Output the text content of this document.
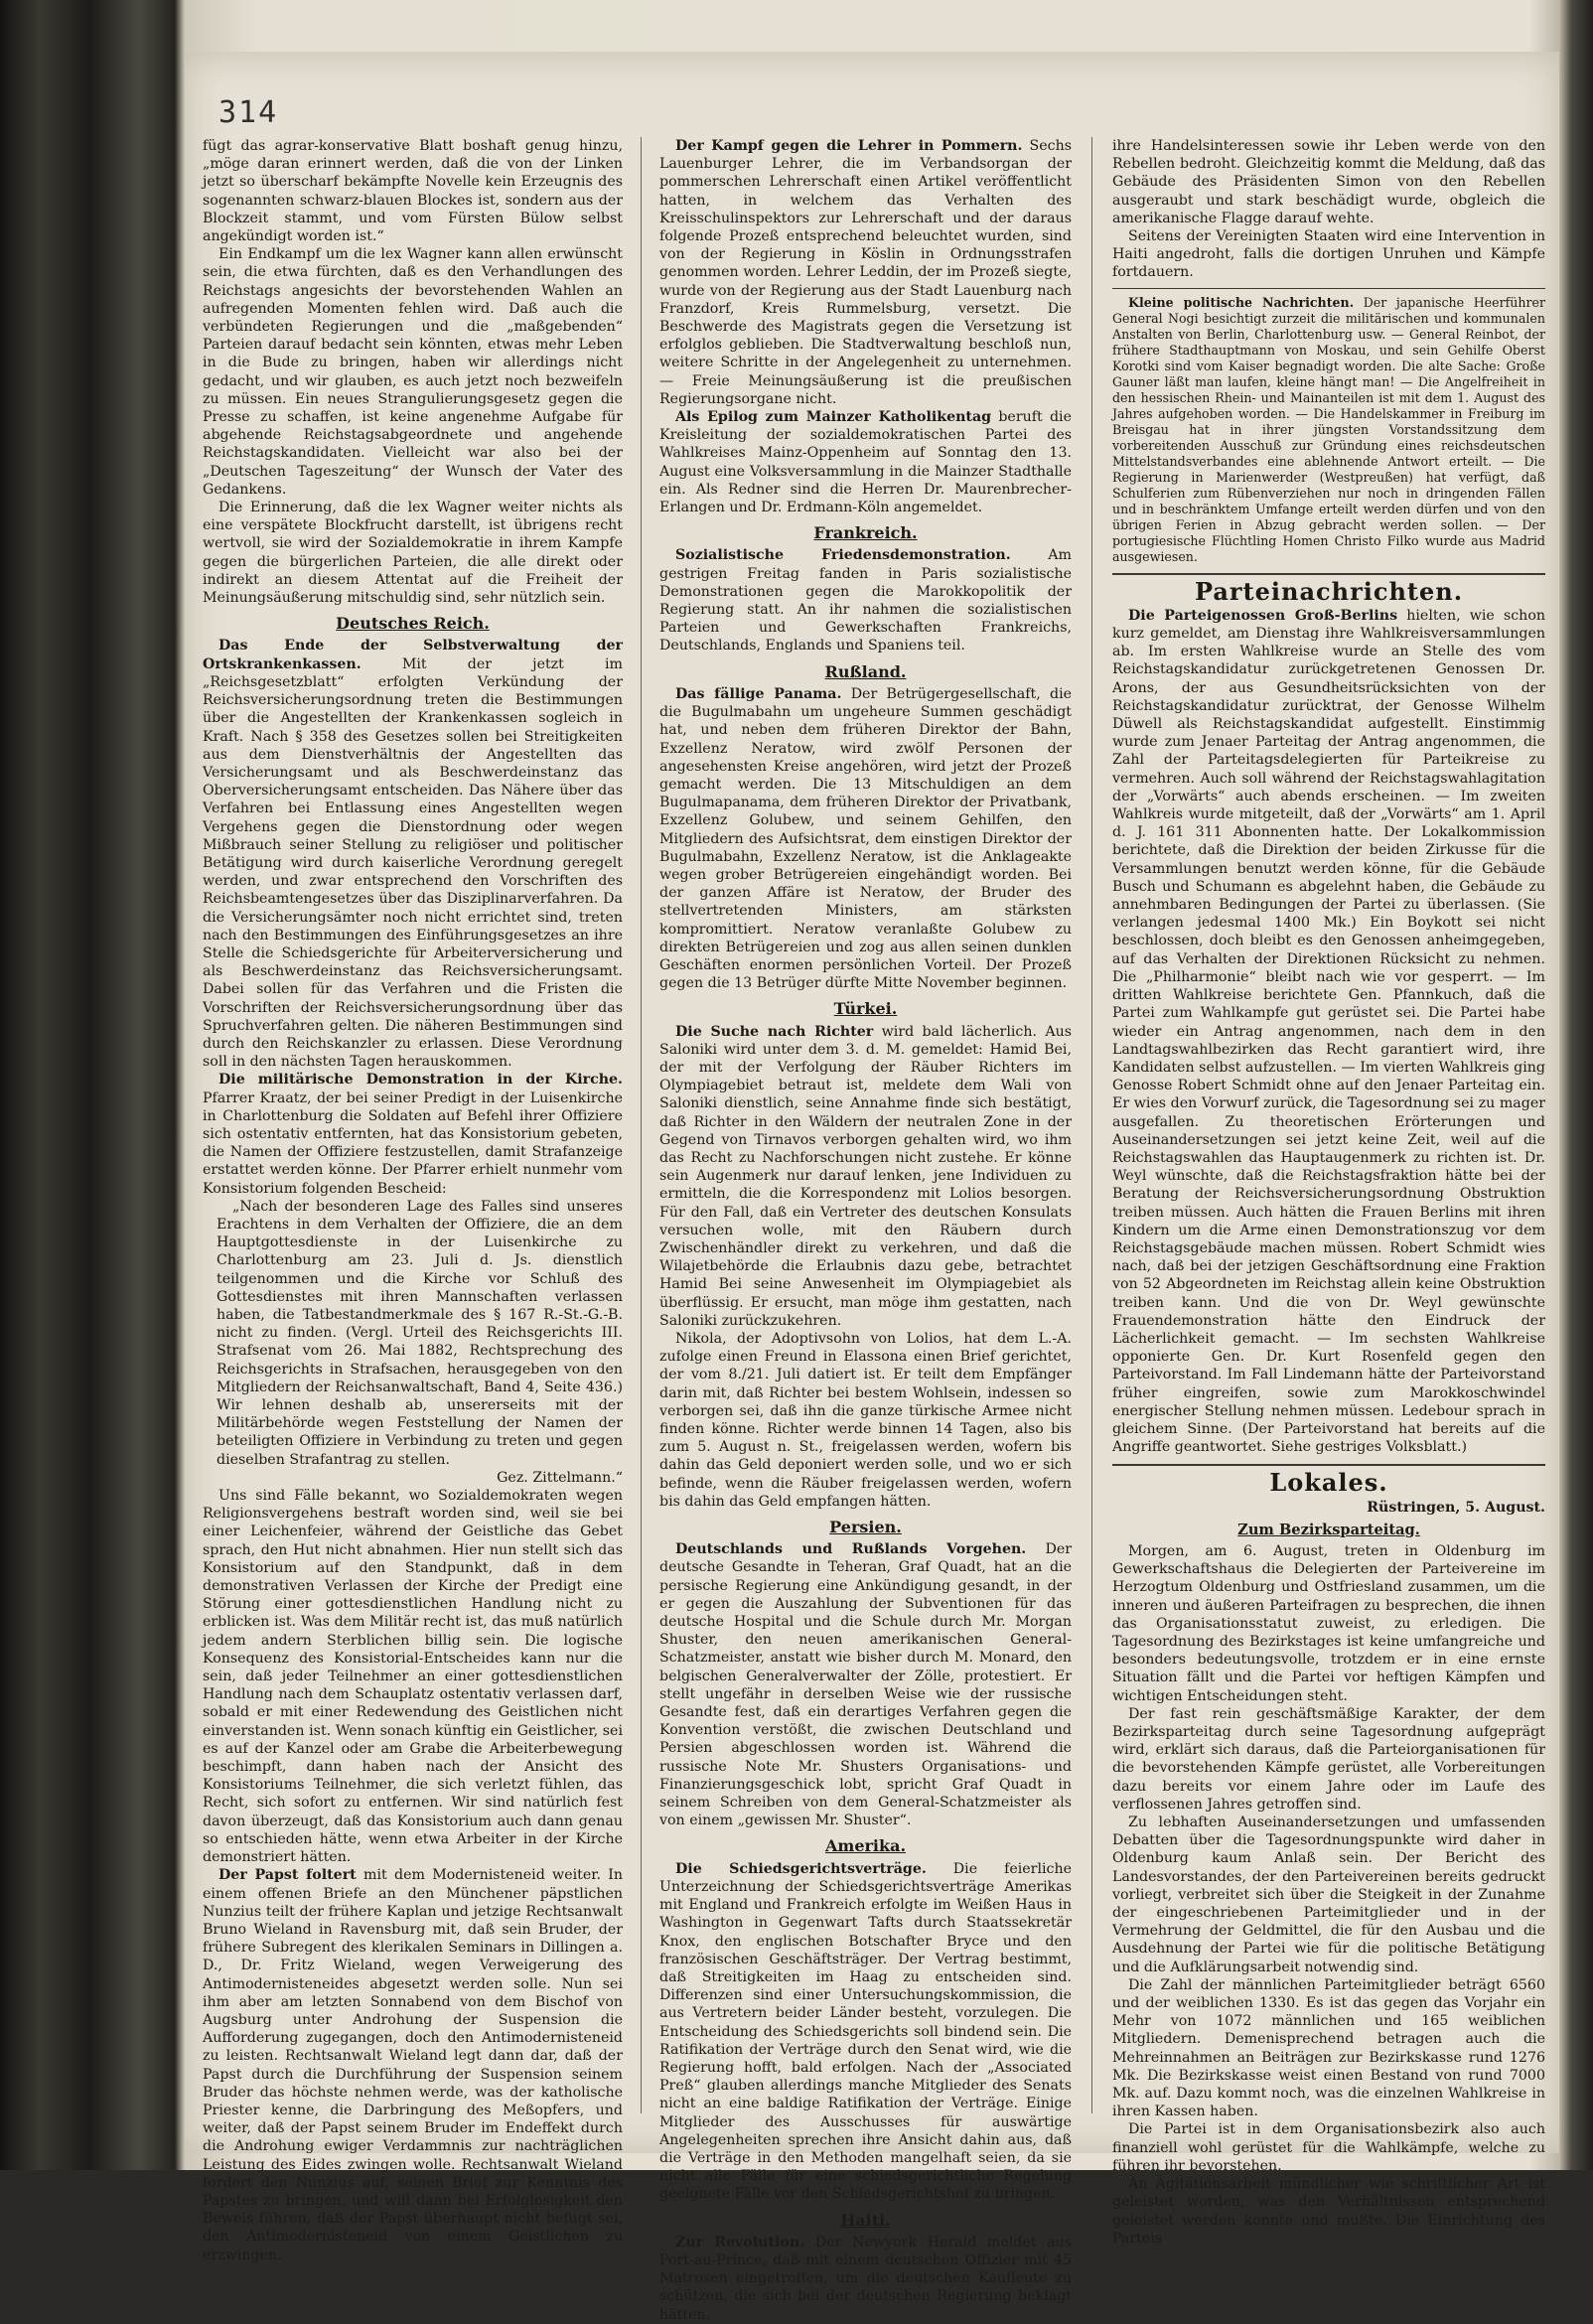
314

fügt das agrar-konservative Blatt boshaft genug hinzu, „möge daran erinnert werden, daß die von der Linken jetzt so überscharf bekämpfte Novelle kein Erzeugnis des sogenannten schwarz-blauen Blockes ist, sondern aus der Blockzeit stammt, und vom Fürsten Bülow selbst angekündigt worden ist.“

Ein Endkampf um die lex Wagner kann allen erwünscht sein, die etwa fürchten, daß es den Verhandlungen des Reichstags angesichts der bevorstehenden Wahlen an aufregenden Momenten fehlen wird. Daß auch die verbündeten Regierungen und die „maßgebenden“ Parteien darauf bedacht sein könnten, etwas mehr Leben in die Bude zu bringen, haben wir allerdings nicht gedacht, und wir glauben, es auch jetzt noch bezweifeln zu müssen. Ein neues Strangulierungsgesetz gegen die Presse zu schaffen, ist keine angenehme Aufgabe für abgehende Reichstagsabgeordnete und angehende Reichstagskandidaten. Vielleicht war also bei der „Deutschen Tageszeitung“ der Wunsch der Vater des Gedankens.

Die Erinnerung, daß die lex Wagner weiter nichts als eine verspätete Blockfrucht darstellt, ist übrigens recht wertvoll, sie wird der Sozialdemokratie in ihrem Kampfe gegen die bürgerlichen Parteien, die alle direkt oder indirekt an diesem Attentat auf die Freiheit der Meinungsäußerung mitschuldig sind, sehr nützlich sein.

Deutsches Reich.

Das Ende der Selbstverwaltung der Ortskrankenkassen.	Mit der jetzt im „Reichsgesetzblatt“ erfolgten Verkündung der Reichsversicherungsordnung treten die Bestimmungen über die Angestellten der Krankenkassen sogleich in Kraft. Nach § 358 des Gesetzes sollen bei Streitigkeiten aus dem Dienstverhältnis der Angestellten das Versicherungsamt und als Beschwerdeinstanz das Oberversicherungsamt entscheiden. Das Nähere über das Verfahren bei Entlassung eines Angestellten wegen Vergehens gegen die Dienstordnung oder wegen Mißbrauch seiner Stellung zu religiöser und politischer Betätigung wird durch kaiserliche Verordnung geregelt werden, und zwar entsprechend den Vorschriften des Reichsbeamtengesetzes über das Disziplinarverfahren. Da die Versicherungsämter noch nicht errichtet sind, treten nach den Bestimmungen des Einführungsgesetzes an ihre Stelle die Schiedsgerichte für Arbeiterversicherung und als Beschwerdeinstanz das Reichsversicherungsamt. Dabei sollen für das Verfahren und die Fristen die Vorschriften der Reichsversicherungsordnung über das Spruchverfahren gelten. Die näheren Bestimmungen sind durch den Reichskanzler zu erlassen. Diese Verordnung soll in den nächsten Tagen herauskommen.

Die militärische Demonstration in der Kirche. Pfarrer Kraatz, der bei seiner Predigt in der Luisenkirche in Charlottenburg die Soldaten auf Befehl ihrer Offiziere sich ostentativ entfernten, hat das Konsistorium gebeten, die Namen der Offiziere festzustellen, damit Strafanzeige erstattet werden könne. Der Pfarrer erhielt nunmehr vom Konsistorium folgenden Bescheid:

„Nach der besonderen Lage des Falles sind unseres Erachtens in dem Verhalten der Offiziere, die an dem Hauptgottesdienste in der Luisenkirche zu Charlottenburg am 23. Juli d. Js. dienstlich teilgenommen und die Kirche vor Schluß des Gottesdienstes mit ihren Mannschaften verlassen haben, die Tatbestandmerkmale des § 167 R.-St.-G.-B. nicht zu finden. (Vergl. Urteil des Reichsgerichts III. Strafsenat vom 26. Mai 1882, Rechtsprechung des Reichsgerichts in Strafsachen, herausgegeben von den Mitgliedern der Reichsanwaltschaft, Band 4, Seite 436.) Wir lehnen deshalb ab, unsererseits mit der Militärbehörde wegen Feststellung der Namen der beteiligten Offiziere in Verbindung zu treten und gegen dieselben Strafantrag zu stellen.

Gez. Zittelmann.“

Uns sind Fälle bekannt, wo Sozialdemokraten wegen Religionsvergehens bestraft worden sind, weil sie bei einer Leichenfeier, während der Geistliche das Gebet sprach, den Hut nicht abnahmen. Hier nun stellt sich das Konsistorium auf den Standpunkt, daß in dem demonstrativen Verlassen der Kirche der Predigt eine Störung einer gottesdienstlichen Handlung nicht zu erblicken ist. Was dem Militär recht ist, das muß natürlich jedem andern Sterblichen billig sein. Die logische Konsequenz des Konsistorial-Entscheides kann nur die sein, daß jeder Teilnehmer an einer gottesdienstlichen Handlung nach dem Schauplatz ostentativ verlassen darf, sobald er mit einer Redewendung des Geistlichen nicht einverstanden ist. Wenn sonach künftig ein Geistlicher, sei es auf der Kanzel oder am Grabe die Arbeiterbewegung beschimpft, dann haben nach der Ansicht des Konsistoriums Teilnehmer, die sich verletzt fühlen, das Recht, sich sofort zu entfernen. Wir sind natürlich fest davon überzeugt, daß das Konsistorium auch dann genau so entschieden hätte, wenn etwa Arbeiter in der Kirche demonstriert hätten.

Der Papst foltert mit dem Modernisteneid weiter. In einem offenen Briefe an den Münchener päpstlichen Nunzius teilt der frühere Kaplan und jetzige Rechtsanwalt Bruno Wieland in Ravensburg mit, daß sein Bruder, der frühere Subregent des klerikalen Seminars in Dillingen a. D., Dr. Fritz Wieland, wegen Verweigerung des Antimodernisteneides abgesetzt werden solle. Nun sei ihm aber am letzten Sonnabend von dem Bischof von Augsburg unter Androhung der Suspension die Aufforderung zugegangen, doch den Antimodernisteneid zu leisten. Rechtsanwalt Wieland legt dann dar, daß der Papst durch die Durchführung der Suspension seinem Bruder das höchste nehmen werde, was der katholische Priester kenne, die Darbringung des Meßopfers, und weiter, daß der Papst seinem Bruder im Endeffekt durch die Androhung ewiger Verdammnis zur nachträglichen Leistung des Eides zwingen wolle. Rechtsanwalt Wieland fordert den Nunzius auf, seinen Brief zur Kenntnis des Papstes zu bringen, und will dann bei Erfolglosigkeit den Beweis führen, daß der Papst überhaupt nicht befugt sei, den Antimodernisteneid von einem Geistlichen zu erzwingen.

Der Kampf gegen die Lehrer in Pommern. Sechs Lauenburger Lehrer, die im Verbandsorgan der pommerschen Lehrerschaft einen Artikel veröffentlicht hatten, in welchem das Verhalten des Kreisschulinspektors zur Lehrerschaft und der daraus folgende Prozeß entsprechend beleuchtet wurden, sind von der Regierung in Köslin in Ordnungsstrafen genommen worden. Lehrer Leddin, der im Prozeß siegte, wurde von der Regierung aus der Stadt Lauenburg nach Franzdorf, Kreis Rummelsburg, versetzt. Die Beschwerde des Magistrats gegen die Versetzung ist erfolglos geblieben. Die Stadtverwaltung beschloß nun, weitere Schritte in der Angelegenheit zu unternehmen. — Freie Meinungsäußerung ist die preußischen Regierungsorgane nicht.

Als Epilog zum Mainzer Katholikentag beruft die Kreisleitung der sozialdemokratischen Partei des Wahlkreises Mainz-Oppenheim auf Sonntag den 13. August eine Volksversammlung in die Mainzer Stadthalle ein. Als Redner sind die Herren Dr. Maurenbrecher-Erlangen und Dr. Erdmann-Köln angemeldet.

Frankreich.

Sozialistische Friedensdemonstration.	Am gestrigen Freitag fanden in Paris sozialistische Demonstrationen gegen die Marokkopolitik der Regierung statt. An ihr nahmen die sozialistischen Parteien und Gewerkschaften Frankreichs, Deutschlands, Englands und Spaniens teil.

Rußland.

Das fällige Panama. Der Betrügergesellschaft, die die Bugulmabahn um ungeheure Summen geschädigt hat, und neben dem früheren Direktor der Bahn, Exzellenz Neratow, wird zwölf Personen der angesehensten Kreise angehören, wird jetzt der Prozeß gemacht werden. Die 13 Mitschuldigen an dem Bugulmapanama, dem früheren Direktor der Privatbank, Exzellenz Golubew, und seinem Gehilfen, den Mitgliedern des Aufsichtsrat, dem einstigen Direktor der Bugulmabahn, Exzellenz Neratow, ist die Anklageakte wegen grober Betrügereien eingehändigt worden. Bei der ganzen Affäre ist Neratow, der Bruder des stellvertretenden Ministers, am stärksten kompromittiert. Neratow veranlaßte Golubew zu direkten Betrügereien und zog aus allen seinen dunklen Geschäften enormen persönlichen Vorteil. Der Prozeß gegen die 13 Betrüger dürfte Mitte November beginnen.

Türkei.

Die Suche nach Richter wird bald lächerlich. Aus Saloniki wird unter dem 3. d. M. gemeldet: Hamid Bei, der mit der Verfolgung der Räuber Richters im Olympiagebiet betraut ist, meldete dem Wali von Saloniki dienstlich, seine Annahme finde sich bestätigt, daß Richter in den Wäldern der neutralen Zone in der Gegend von Tirnavos verborgen gehalten wird, wo ihm das Recht zu Nachforschungen nicht zustehe. Er könne sein Augenmerk nur darauf lenken, jene Individuen zu ermitteln, die die Korrespondenz mit Lolios besorgen. Für den Fall, daß ein Vertreter des deutschen Konsulats versuchen wolle, mit den Räubern durch Zwischenhändler direkt zu verkehren, und daß die Wilajetbehörde die Erlaubnis dazu gebe, betrachtet Hamid Bei seine Anwesenheit im Olympiagebiet als überflüssig. Er ersucht, man möge ihm gestatten, nach Saloniki zurückzukehren.

Nikola, der Adoptivsohn von Lolios, hat dem L.-A. zufolge einen Freund in Elassona einen Brief gerichtet, der vom 8./21. Juli datiert ist. Er teilt dem Empfänger darin mit, daß Richter bei bestem Wohlsein, indessen so verborgen sei, daß ihn die ganze türkische Armee nicht finden könne. Richter werde binnen 14 Tagen, also bis zum 5. August n. St., freigelassen werden, wofern bis dahin das Geld deponiert werden solle, und wo er sich befinde, wenn die Räuber freigelassen werden, wofern bis dahin das Geld empfangen hätten.

Persien.

Deutschlands und Rußlands Vorgehen. Der deutsche Gesandte in Teheran, Graf Quadt, hat an die persische Regierung eine Ankündigung gesandt, in der er gegen die Auszahlung der Subventionen für das deutsche Hospital und die Schule durch Mr. Morgan Shuster, den neuen amerikanischen General-Schatzmeister, anstatt wie bisher durch M. Monard, den belgischen Generalverwalter der Zölle, protestiert. Er stellt ungefähr in derselben Weise wie der russische Gesandte fest, daß ein derartiges Verfahren gegen die Konvention verstößt, die zwischen Deutschland und Persien abgeschlossen worden ist. Während die russische Note Mr. Shusters Organisations- und Finanzierungsgeschick lobt, spricht Graf Quadt in seinem Schreiben von dem General-Schatzmeister als von einem „gewissen Mr. Shuster“.

Amerika.

Die Schiedsgerichtsverträge. Die feierliche Unterzeichnung der Schiedsgerichtsverträge Amerikas mit England und Frankreich erfolgte im Weißen Haus in Washington in Gegenwart Tafts durch Staatssekretär Knox, den englischen Botschafter Bryce und den französischen Geschäftsträger. Der Vertrag bestimmt, daß Streitigkeiten im Haag zu entscheiden sind. Differenzen sind einer Untersuchungskommission, die aus Vertretern beider Länder besteht, vorzulegen. Die Entscheidung des Schiedsgerichts soll bindend sein. Die Ratifikation der Verträge durch den Senat wird, wie die Regierung hofft, bald erfolgen. Nach der „Associated Preß“ glauben allerdings manche Mitglieder des Senats nicht an eine baldige Ratifikation der Verträge. Einige Mitglieder des Ausschusses für auswärtige Angelegenheiten sprechen ihre Ansicht dahin aus, daß die Verträge in den Methoden mangelhaft seien, da sie nicht alle Fälle für eine schiedsgerichtliche Regelung geeignete Fälle vor den Schiedsgerichtshof zu bringen.

Haiti.

Zur Revolution. Der Newyork Herald meldet aus Port-au-Prince, daß mit einem deutschen Offizier mit 45 Matrosen eingetroffen, um die deutschen Kaufleute zu schützen, die sich bei der deutschen Regierung beklagt hätten,

ihre Handelsinteressen sowie ihr Leben werde von den Rebellen bedroht. Gleichzeitig kommt die Meldung, daß das Gebäude des Präsidenten Simon von den Rebellen ausgeraubt und stark beschädigt wurde, obgleich die amerikanische Flagge darauf wehte.

Seitens der Vereinigten Staaten wird eine Intervention in Haiti angedroht, falls die dortigen Unruhen und Kämpfe fortdauern.

Kleine politische Nachrichten. Der japanische Heerführer General Nogi besichtigt zurzeit die militärischen und kommunalen Anstalten von Berlin, Charlottenburg usw. — General Reinbot, der frühere Stadthauptmann von Moskau, und sein Gehilfe Oberst Korotki sind vom Kaiser begnadigt worden. Die alte Sache: Große Gauner läßt man laufen, kleine hängt man! — Die Angelfreiheit in den hessischen Rhein- und Mainanteilen ist mit dem 1. August des Jahres aufgehoben worden. — Die Handelskammer in Freiburg im Breisgau hat in ihrer jüngsten Vorstandssitzung dem vorbereitenden Ausschuß zur Gründung eines reichsdeutschen Mittelstandsverbandes eine ablehnende Antwort erteilt. — Die Regierung in Marienwerder (Westpreußen) hat verfügt, daß Schulferien zum Rübenverziehen nur noch in dringenden Fällen und in beschränktem Umfange erteilt werden dürfen und von den übrigen Ferien in Abzug gebracht werden sollen. — Der portugiesische Flüchtling Homen Christo Filko wurde aus Madrid ausgewiesen.

Parteinachrichten.

Die Parteigenossen Groß-Berlins hielten, wie schon kurz gemeldet, am Dienstag ihre Wahlkreisversammlungen ab. Im ersten Wahlkreise wurde an Stelle des vom Reichstagskandidatur zurückgetretenen Genossen Dr. Arons, der aus Gesundheitsrücksichten von der Reichstagskandidatur zurücktrat, der Genosse Wilhelm Düwell als Reichstagskandidat aufgestellt. Einstimmig wurde zum Jenaer Parteitag der Antrag angenommen, die Zahl der Parteitagsdelegierten für Parteikreise zu vermehren. Auch soll während der Reichstagswahlagitation der „Vorwärts“ auch abends erscheinen. — Im zweiten Wahlkreis wurde mitgeteilt, daß der „Vorwärts“ am 1. April d. J. 161 311 Abonnenten hatte. Der Lokalkommission berichtete, daß die Direktion der beiden Zirkusse für die Versammlungen benutzt werden könne, für die Gebäude Busch und Schumann es abgelehnt haben, die Gebäude zu annehmbaren Bedingungen der Partei zu überlassen. (Sie verlangen jedesmal 1400 Mk.) Ein Boykott sei nicht beschlossen, doch bleibt es den Genossen anheimgegeben, auf das Verhalten der Direktionen Rücksicht zu nehmen. Die „Philharmonie“ bleibt nach wie vor gesperrt. — Im dritten Wahlkreise berichtete Gen. Pfannkuch, daß die Partei zum Wahlkampfe gut gerüstet sei. Die Partei habe wieder ein Antrag angenommen, nach dem in den Landtagswahlbezirken das Recht garantiert wird, ihre Kandidaten selbst aufzustellen. — Im vierten Wahlkreis ging Genosse Robert Schmidt ohne auf den Jenaer Parteitag ein. Er wies den Vorwurf zurück, die Tagesordnung sei zu mager ausgefallen. Zu theoretischen Erörterungen und Auseinandersetzungen sei jetzt keine Zeit, weil auf die Reichstagswahlen das Hauptaugenmerk zu richten ist. Dr. Weyl wünschte, daß die Reichstagsfraktion hätte bei der Beratung der Reichsversicherungsordnung Obstruktion treiben müssen. Auch hätten die Frauen Berlins mit ihren Kindern um die Arme einen Demonstrationszug vor dem Reichstagsgebäude machen müssen. Robert Schmidt wies nach, daß bei der jetzigen Geschäftsordnung eine Fraktion von 52 Abgeordneten im Reichstag allein keine Obstruktion treiben kann. Und die von Dr. Weyl gewünschte Frauendemonstration hätte den Eindruck der Lächerlichkeit gemacht. — Im sechsten Wahlkreise opponierte Gen. Dr. Kurt Rosenfeld gegen den Parteivorstand. Im Fall Lindemann hätte der Parteivorstand früher eingreifen, sowie zum Marokkoschwindel energischer Stellung nehmen müssen. Ledebour sprach in gleichem Sinne. (Der Parteivorstand hat bereits auf die Angriffe geantwortet. Siehe gestriges Volksblatt.)

Lokales.
Rüstringen, 5. August.
Zum Bezirksparteitag.

Morgen, am 6. August, treten in Oldenburg im Gewerkschaftshaus die Delegierten der Parteivereine im Herzogtum Oldenburg und Ostfriesland zusammen, um die inneren und äußeren Parteifragen zu besprechen, die ihnen das Organisationsstatut zuweist, zu erledigen. Die Tagesordnung des Bezirkstages ist keine umfangreiche und besonders bedeutungsvolle, trotzdem er in eine ernste Situation fällt und die Partei vor heftigen Kämpfen und wichtigen Entscheidungen steht.

Der fast rein geschäftsmäßige Karakter, der dem Bezirksparteitag durch seine Tagesordnung aufgeprägt wird, erklärt sich daraus, daß die Parteiorganisationen für die bevorstehenden Kämpfe gerüstet, alle Vorbereitungen dazu bereits vor einem Jahre oder im Laufe des verflossenen Jahres getroffen sind.

Zu lebhaften Auseinandersetzungen und umfassenden Debatten über die Tagesordnungspunkte wird daher in Oldenburg kaum Anlaß sein. Der Bericht des Landesvorstandes, der den Parteivereinen bereits gedruckt vorliegt, verbreitet sich über die Steigkeit in der Zunahme der eingeschriebenen Parteimitglieder und in der Vermehrung der Geldmittel, die für den Ausbau und die Ausdehnung der Partei wie für die politische Betätigung und die Aufklärungsarbeit notwendig sind.

Die Zahl der männlichen Parteimitglieder beträgt 6560 und der weiblichen 1330. Es ist das gegen das Vorjahr ein Mehr von 1072 männlichen und 165 weiblichen Mitgliedern. Demenisprechend betragen auch die Mehreinnahmen an Beiträgen zur Bezirkskasse rund 1276 Mk. Die Bezirkskasse weist einen Bestand von rund 7000 Mk. auf. Dazu kommt noch, was die einzelnen Wahlkreise in ihren Kassen haben.

Die Partei ist in dem Organisationsbezirk also auch finanziell wohl gerüstet für die Wahlkämpfe, welche zu führen ihr bevorstehen.

An Agitationsarbeit mündlicher wie schriftlicher Art ist geleistet worden, was den Verhältnissen entsprechend geleistet werden konnte und mußte. Die Einrichtung des Parteis
